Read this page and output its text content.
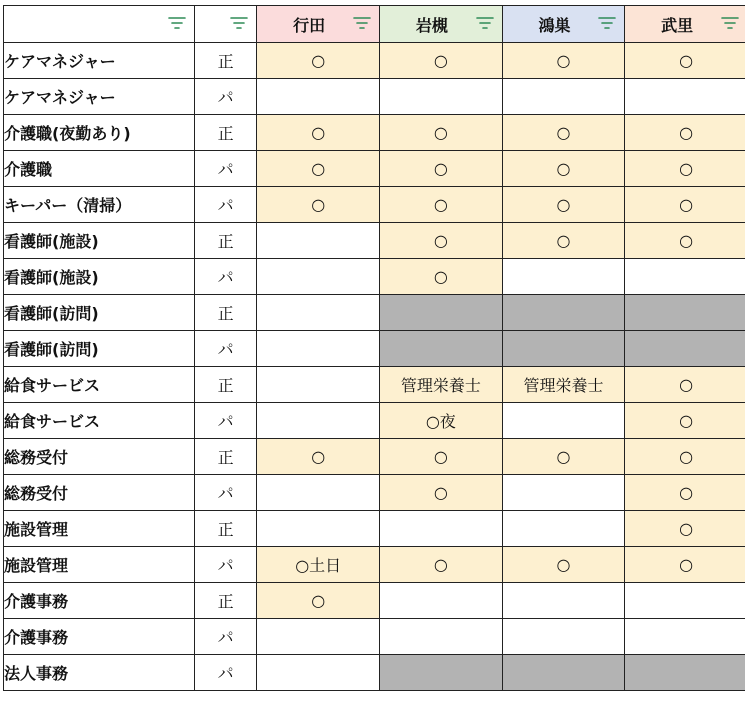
	行田	岩槻	鴻巣	武里

ケアマネジャー	正	○	○	○	○
ケアマネジャー	パ				
介護職(夜勤あり)	正	○	○	○	○
介護職	パ	○	○	○	○
キーパー（清掃）	パ	○	○	○	○
看護師(施設)	正		○	○	○
看護師(施設)	パ		○		
看護師(訪問)	正				
看護師(訪問)	パ				
給食サービス	正		管理栄養士	管理栄養士	○
給食サービス	パ		○夜		○
総務受付	正	○	○	○	○
総務受付	パ		○		○
施設管理	正				○
施設管理	パ	○土日	○	○	○
介護事務	正	○			
介護事務	パ				
法人事務	パ				
